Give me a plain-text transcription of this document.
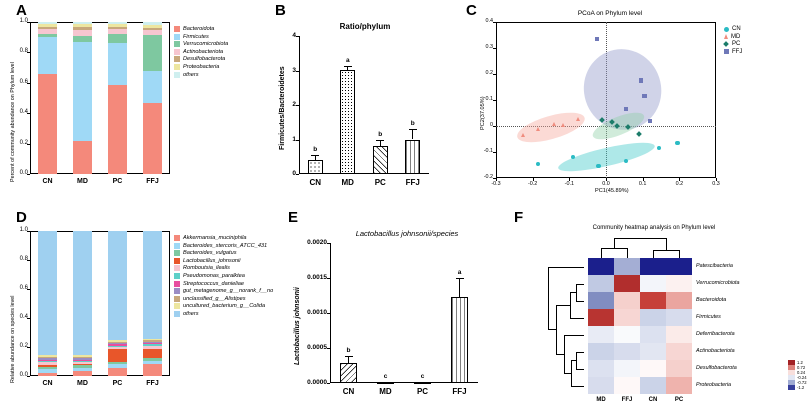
A
Percent of community abundance on Phylum level
1.0
0.8
0.6
0.4
0.2
0.0
CN	MD	PC	FFJ
Bacteroidota
Firmicutes
Verrucomicrobiota
Actinobacteriota
Desulfobacterota
Proteobacteria
others
B
Ratio/phylum
Firmicutes/Bacteroidetes
4
3
2
1
0
b
a
b
b
CN	MD	PC	FFJ
C	PCoA on Phylum level
PC2(37.05%)
PC1(45.89%)
-0.3	-0.2	-0.1	0.0	0.1	0.2	0.3
0.4
0.3
0.2
0.1
0
-0.1
-0.2
CN
MD
PC
FFJ
D
Relative abundance on species level
1.0
0.8
0.6
0.4
0.2
0.0
CN	MD	PC	FFJ
Akkermansia_muciniphila
Bacteroides_stercoris_ATCC_431
Bacteroides_vulgatus
Lactobacillus_johnsonii
Romboutsia_ilealis
Pseudomonas_paralktea
Streptococcus_danieliae
gut_metagenome_g__norank_f__no
unclassified_g__Alistipes
uncultured_bacterium_g__Colida
others
E
Lactobacillus johnsonii/species
Lactobacillus johnsonii
0.0020
0.0015
0.0010
0.0005
0.0000
b
c	c
a
CN	MD	PC	FFJ
F
Community heatmap analysis on Phylum level
Patescibacteria
Verrucomicrobiota
Bacteroidota
Firmicutes
Deferribacterota
Actinobacteriota
Desulfobacterota
Proteobacteria
MD	FFJ	CN	PC
1.2
0.72
0.24
-0.24
-0.72
-1.2
